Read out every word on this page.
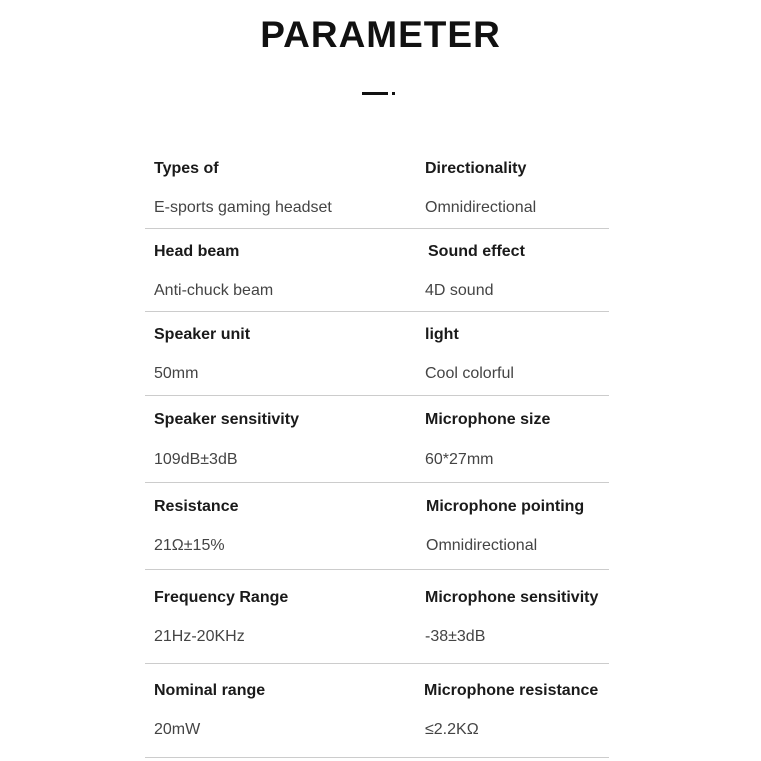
PARAMETER
Types of	Directionality
E-sports gaming headset	Omnidirectional
Head beam	Sound effect
Anti-chuck beam	4D sound
Speaker unit	light
50mm	Cool colorful
Speaker sensitivity	Microphone size
109dB±3dB	60*27mm
Resistance	Microphone pointing
21Ω±15%	Omnidirectional
Frequency Range	Microphone sensitivity
21Hz-20KHz	-38±3dB
Nominal range	Microphone resistance
20mW	≤2.2KΩ
